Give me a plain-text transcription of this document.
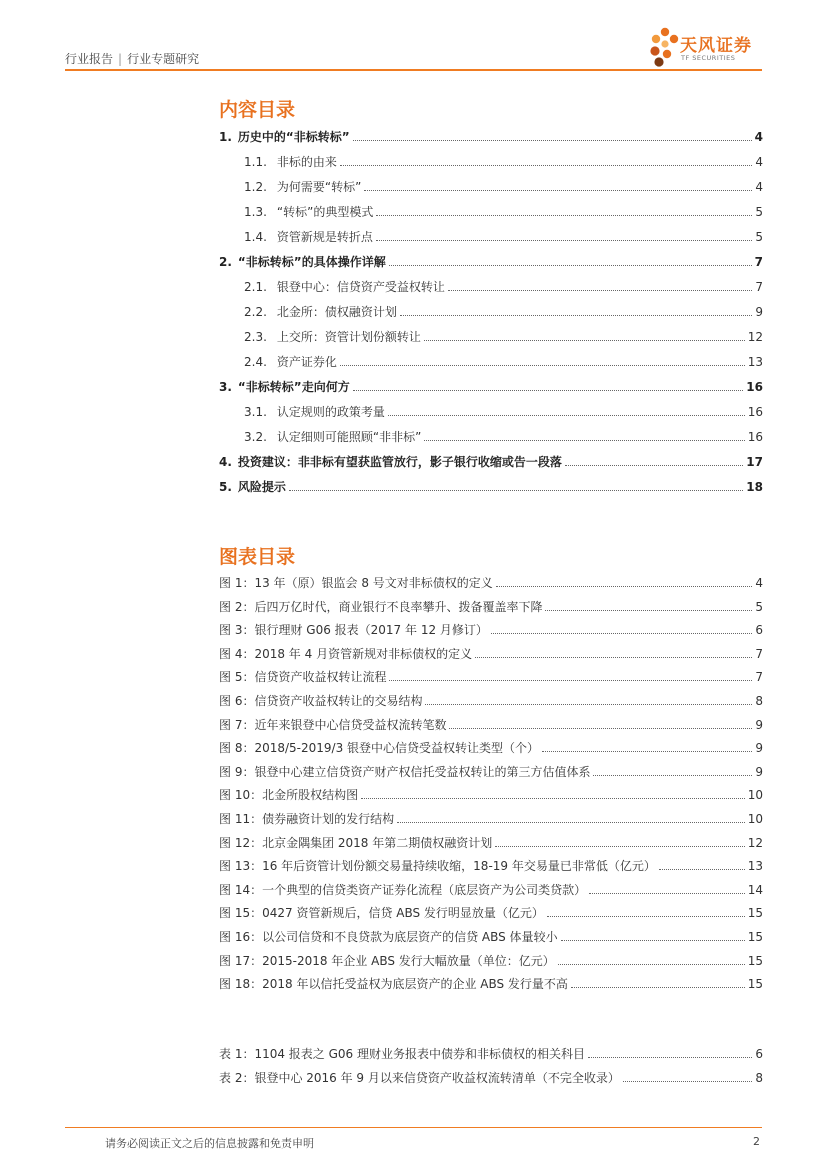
行业报告 | 行业专题研究
天风证券
TF SECURITIES
内容目录
1. 历史中的“非标转标”	4
1.1. 非标的由来	4
1.2. 为何需要“转标”	4
1.3. “转标”的典型模式	5
1.4. 资管新规是转折点	5
2. “非标转标”的具体操作详解	7
2.1. 银登中心：信贷资产受益权转让	7
2.2. 北金所：债权融资计划	9
2.3. 上交所：资管计划份额转让	12
2.4. 资产证券化	13
3. “非标转标”走向何方	16
3.1. 认定规则的政策考量	16
3.2. 认定细则可能照顾“非非标”	16
4. 投资建议：非非标有望获监管放行，影子银行收缩或告一段落	17
5. 风险提示	18
图表目录
图 1：13 年（原）银监会 8 号文对非标债权的定义	4
图 2：后四万亿时代，商业银行不良率攀升、拨备覆盖率下降	5
图 3：银行理财 G06 报表（2017 年 12 月修订）	6
图 4：2018 年 4 月资管新规对非标债权的定义	7
图 5：信贷资产收益权转让流程	7
图 6：信贷资产收益权转让的交易结构	8
图 7：近年来银登中心信贷受益权流转笔数	9
图 8：2018/5-2019/3 银登中心信贷受益权转让类型（个）	9
图 9：银登中心建立信贷资产财产权信托受益权转让的第三方估值体系	9
图 10：北金所股权结构图	10
图 11：债券融资计划的发行结构	10
图 12：北京金隅集团 2018 年第二期债权融资计划	12
图 13：16 年后资管计划份额交易量持续收缩，18-19 年交易量已非常低（亿元）	13
图 14：一个典型的信贷类资产证券化流程（底层资产为公司类贷款）	14
图 15：0427 资管新规后，信贷 ABS 发行明显放量（亿元）	15
图 16：以公司信贷和不良贷款为底层资产的信贷 ABS 体量较小	15
图 17：2015-2018 年企业 ABS 发行大幅放量（单位：亿元）	15
图 18：2018 年以信托受益权为底层资产的企业 ABS 发行量不高	15
表 1：1104 报表之 G06 理财业务报表中债券和非标债权的相关科目	6
表 2：银登中心 2016 年 9 月以来信贷资产收益权流转清单（不完全收录）	8
请务必阅读正文之后的信息披露和免责申明	2
